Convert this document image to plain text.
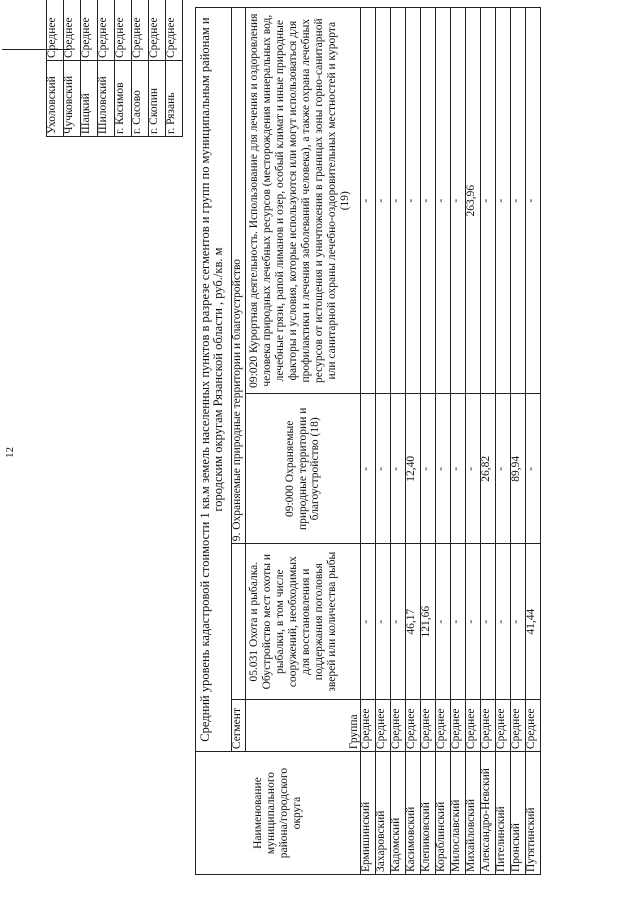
12
Ухоловский	Среднее	
Чучковский	Среднее	
Шацкий	Среднее	
Шиловский	Среднее	
г. Касимов	Среднее	
г. Сасово	Среднее	
г. Скопин	Среднее	
г. Рязань	Среднее	
Наименование муниципального района/городского округа	Средний уровень кадастровой стоимости 1 кв.м земель населенных пунктов в разрезе сегментов и групп по муниципальным районам и городским округам Рязанской области , руб./кв. м			
	Сегмент		9. Охраняемые природные территории и благоустройство	
	Группа	05.031 Охота и рыбалка. Обустройство мест охоты и рыбалки, в том числе сооружений, необходимых для восстановления и поддержания поголовья зверей или количества рыбы	09:000 Охраняемые природные территории и благоустройство (18)	09:020 Курортная деятельность. Использование для лечения и оздоровления человека природных лечебных ресурсов (месторождения минеральных вод, лечебные грязи, рапой лиманов и озер, особый климат и иные природные факторы и условия, которые используются или могут использоваться для профилактики и лечения заболеваний человека), а также охрана лечебных ресурсов от истощения и уничтожения в границах зоны горно-санитарной или санитарной охраны лечебно-оздоровительных местностей и курорта (19)

Ермишинский	Среднее	-	-	-
Захаровский	Среднее	-	-	-
Кадомский	Среднее	-	-	-
Касимовский	Среднее	46,17	12,40	-
Клепиковский	Среднее	121,66	-	-
Кораблинский	Среднее	-	-	-
Милославский	Среднее	-	-	-
Михайловский	Среднее	-	-	263,96
Александро-Невский	Среднее	-	26,82	-
Пителинский	Среднее	-	-	-
Пронский	Среднее	-	89,94	-
Путятинский	Среднее	41,44	-	-
